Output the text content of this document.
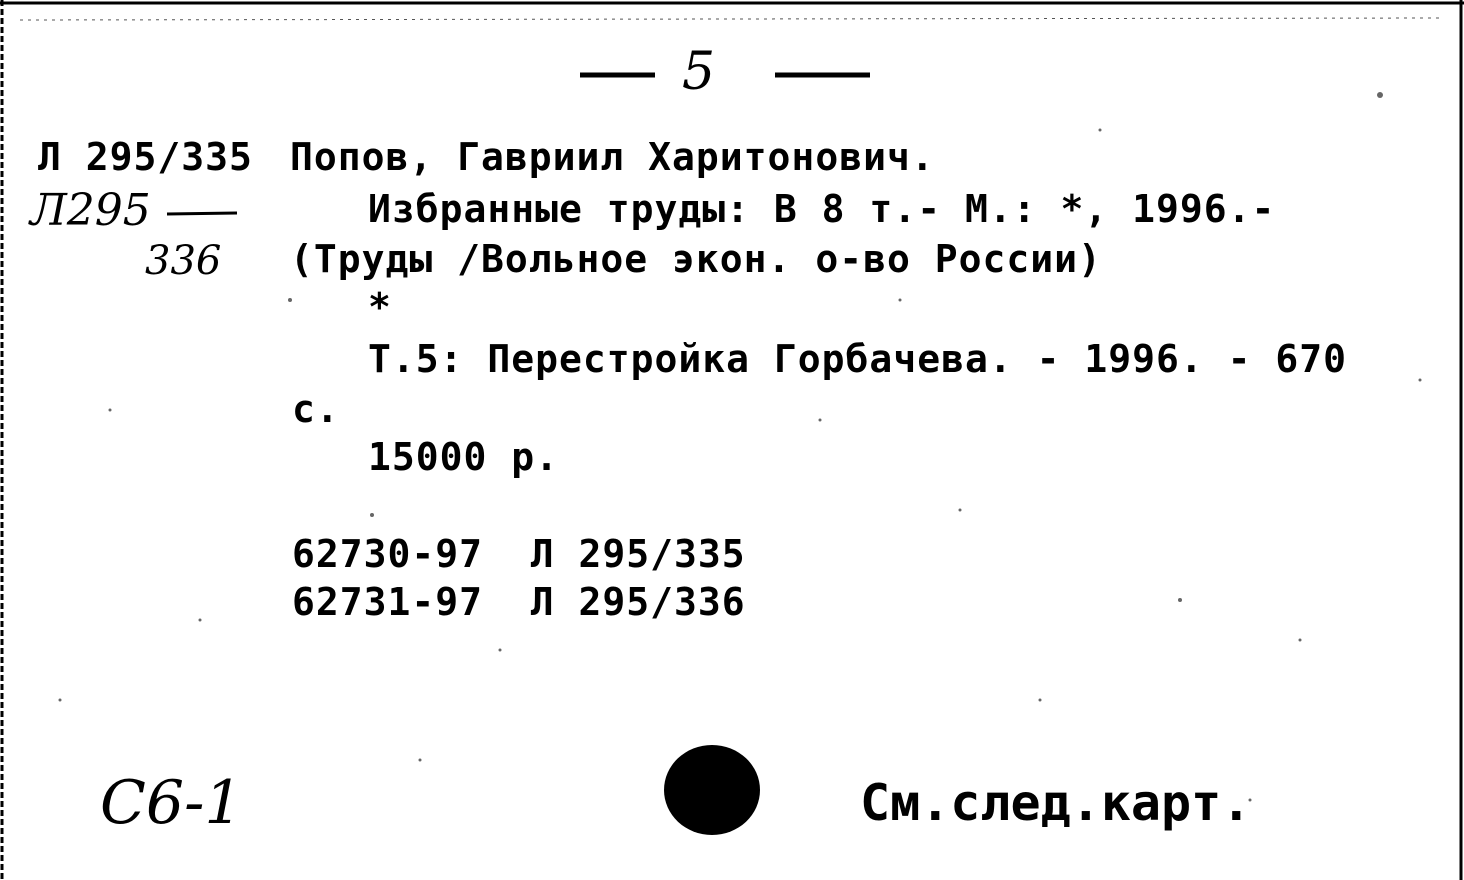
5
Л295
336
Л 295/335 Попов, Гавриил Харитонович.
Избранные труды: В 8 т.- М.: *, 1996.-
(Труды /Вольное экон. о-во России)
*
Т.5: Перестройка Горбачева. - 1996. - 670
с.
15000 р.
62730-97  Л 295/335
62731-97  Л 295/336
С6-1	См.след.карт.
